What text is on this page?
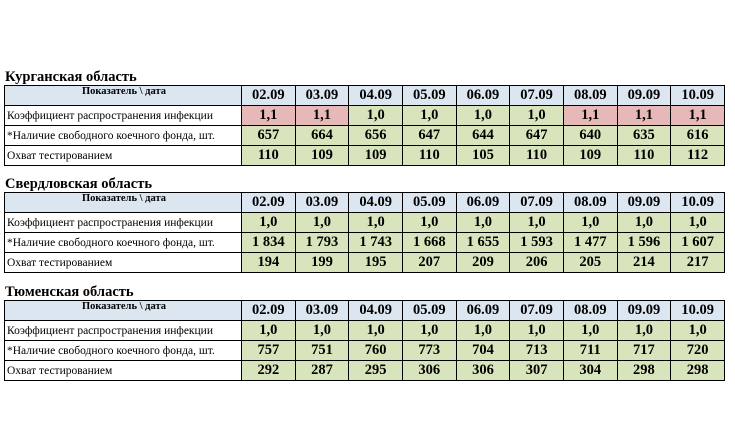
Курганская область
Показатель \ дата	02.09	03.09	04.09	05.09	06.09	07.09	08.09	09.09	10.09
Коэффициент распространения инфекции	1,1	1,1	1,0	1,0	1,0	1,0	1,1	1,1	1,1
*Наличие свободного коечного фонда, шт.	657	664	656	647	644	647	640	635	616
Охват тестированием	110	109	109	110	105	110	109	110	112
Свердловская область
Показатель \ дата	02.09	03.09	04.09	05.09	06.09	07.09	08.09	09.09	10.09
Коэффициент распространения инфекции	1,0	1,0	1,0	1,0	1,0	1,0	1,0	1,0	1,0
*Наличие свободного коечного фонда, шт.	1 834	1 793	1 743	1 668	1 655	1 593	1 477	1 596	1 607
Охват тестированием	194	199	195	207	209	206	205	214	217
Тюменская область
Показатель \ дата	02.09	03.09	04.09	05.09	06.09	07.09	08.09	09.09	10.09
Коэффициент распространения инфекции	1,0	1,0	1,0	1,0	1,0	1,0	1,0	1,0	1,0
*Наличие свободного коечного фонда, шт.	757	751	760	773	704	713	711	717	720
Охват тестированием	292	287	295	306	306	307	304	298	298
